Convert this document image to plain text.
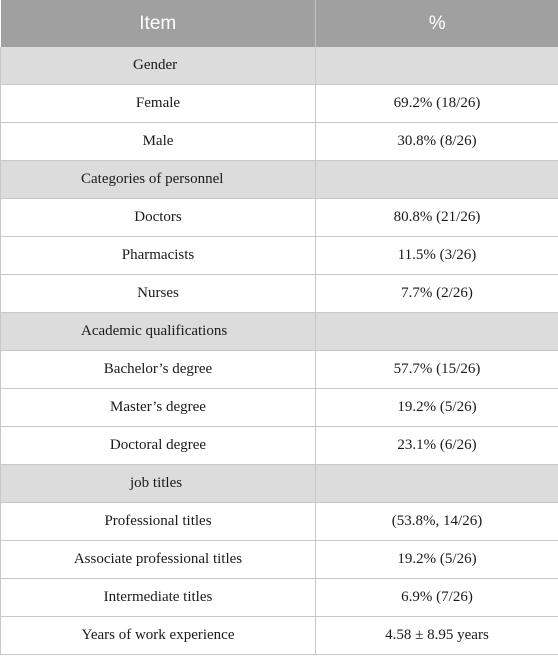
Item	%
Gender	
Female	69.2% (18/26)
Male	30.8% (8/26)
Categories of personnel	
Doctors	80.8% (21/26)
Pharmacists	11.5% (3/26)
Nurses	7.7% (2/26)
Academic qualifications	
Bachelor’s degree	57.7% (15/26)
Master’s degree	19.2% (5/26)
Doctoral degree	23.1% (6/26)
job titles	
Professional titles	(53.8%, 14/26)
Associate professional titles	19.2% (5/26)
Intermediate titles	6.9% (7/26)
Years of work experience	4.58 ± 8.95 years
